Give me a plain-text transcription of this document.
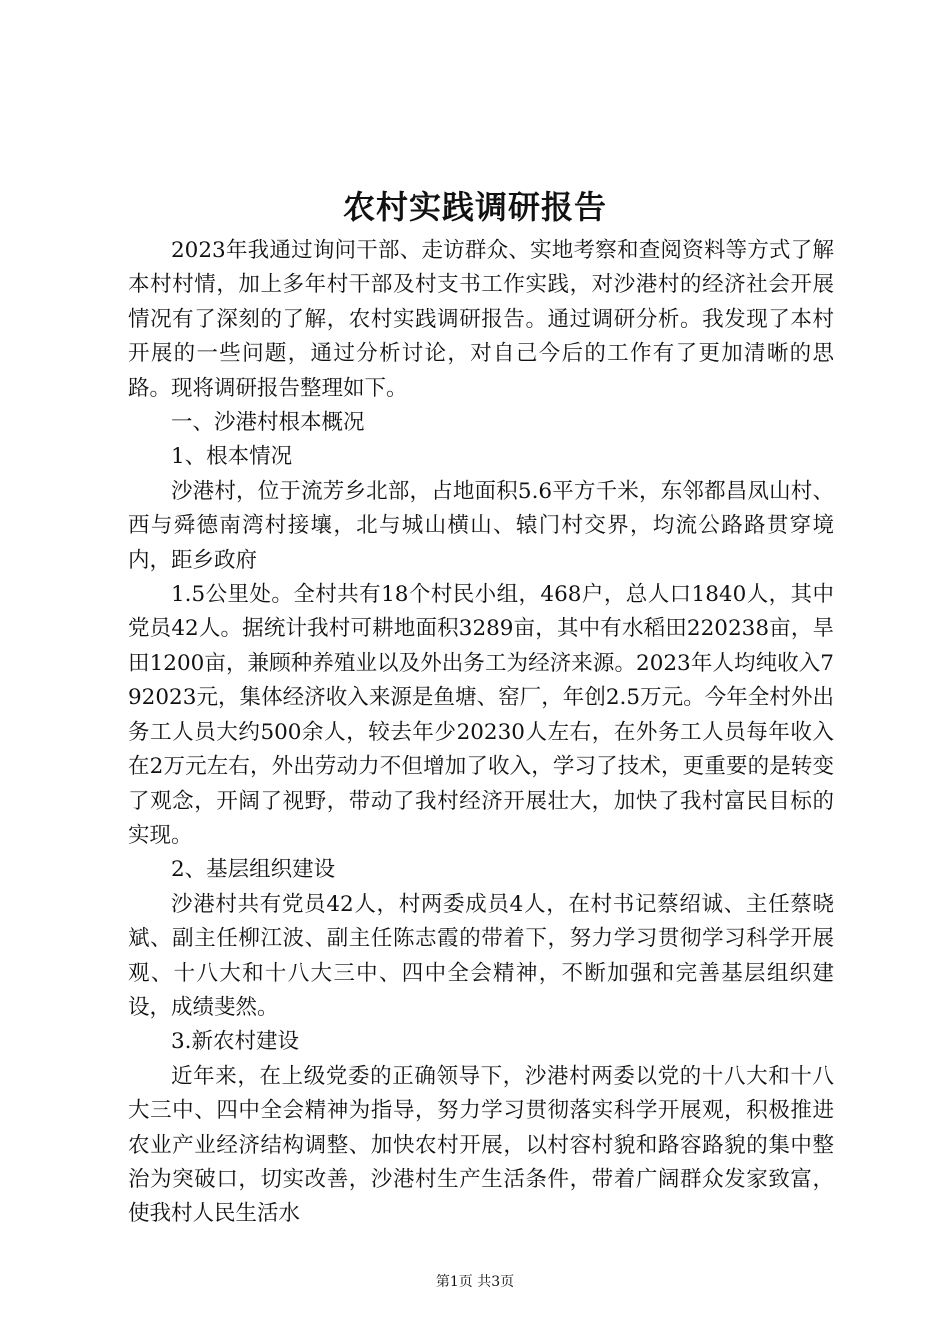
农村实践调研报告

2023年我通过询问干部、走访群众、实地考察和查阅资料等方式了解本村村情，加上多年村干部及村支书工作实践，对沙港村的经济社会开展情况有了深刻的了解，农村实践调研报告。通过调研分析。我发现了本村开展的一些问题，通过分析讨论，对自己今后的工作有了更加清晰的思路。现将调研报告整理如下。

一、沙港村根本概况

1、根本情况

沙港村，位于流芳乡北部，占地面积5.6平方千米，东邻都昌凤山村、西与舜德南湾村接壤，北与城山横山、辕门村交界，均流公路路贯穿境内，距乡政府

1.5公里处。全村共有18个村民小组，468户，总人口1840人，其中党员42人。据统计我村可耕地面积3289亩，其中有水稻田220238亩，旱田1200亩，兼顾种养殖业以及外出务工为经济来源。2023年人均纯收入792023元，集体经济收入来源是鱼塘、窑厂，年创2.5万元。今年全村外出务工人员大约500余人，较去年少20230人左右，在外务工人员每年收入在2万元左右，外出劳动力不但增加了收入，学习了技术，更重要的是转变了观念，开阔了视野，带动了我村经济开展壮大，加快了我村富民目标的实现。

2、基层组织建设

沙港村共有党员42人，村两委成员4人，在村书记蔡绍诚、主任蔡晓斌、副主任柳江波、副主任陈志霞的带着下，努力学习贯彻学习科学开展观、十八大和十八大三中、四中全会精神，不断加强和完善基层组织建设，成绩斐然。

3.新农村建设

近年来，在上级党委的正确领导下，沙港村两委以党的十八大和十八大三中、四中全会精神为指导，努力学习贯彻落实科学开展观，积极推进农业产业经济结构调整、加快农村开展，以村容村貌和路容路貌的集中整治为突破口，切实改善，沙港村生产生活条件，带着广阔群众发家致富，使我村人民生活水

第1页 共3页
